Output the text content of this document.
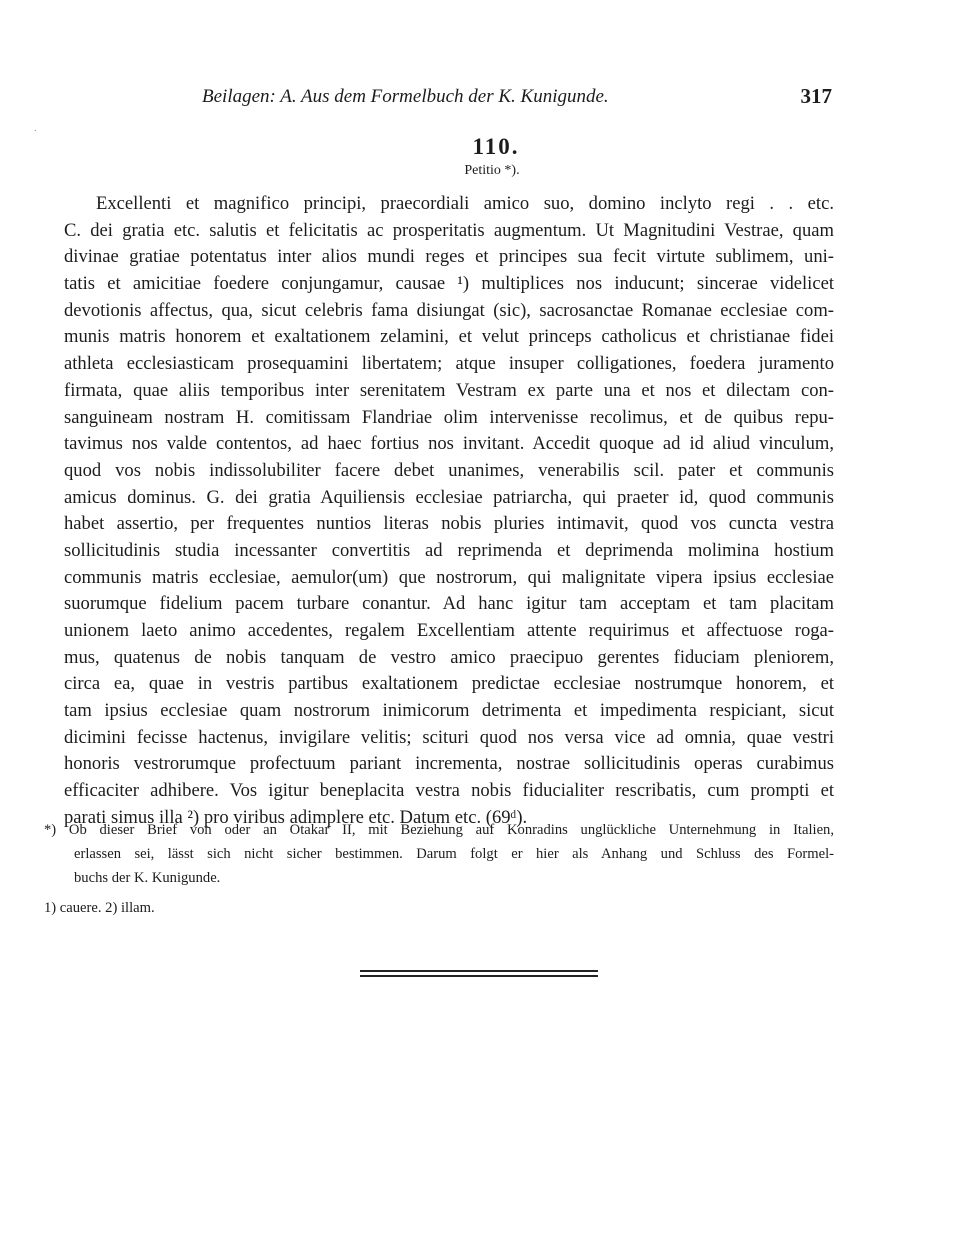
Beilagen: A. Aus dem Formelbuch der K. Kunigunde.	317
.
110.
Petitio *).
Excellenti et magnifico principi, praecordiali amico suo, domino inclyto regi . . etc.
C. dei gratia etc. salutis et felicitatis ac prosperitatis augmentum. Ut Magnitudini Vestrae, quam
divinae gratiae potentatus inter alios mundi reges et principes sua fecit virtute sublimem, uni-
tatis et amicitiae foedere conjungamur, causae ¹) multiplices nos inducunt; sincerae videlicet
devotionis affectus, qua, sicut celebris fama disiungat (sic), sacrosanctae Romanae ecclesiae com-
munis matris honorem et exaltationem zelamini, et velut princeps catholicus et christianae fidei
athleta ecclesiasticam prosequamini libertatem; atque insuper colligationes, foedera juramento
firmata, quae aliis temporibus inter serenitatem Vestram ex parte una et nos et dilectam con-
sanguineam nostram H. comitissam Flandriae olim intervenisse recolimus, et de quibus repu-
tavimus nos valde contentos, ad haec fortius nos invitant. Accedit quoque ad id aliud vinculum,
quod vos nobis indissolubiliter facere debet unanimes, venerabilis scil. pater et communis
amicus dominus. G. dei gratia Aquiliensis ecclesiae patriarcha, qui praeter id, quod communis
habet assertio, per frequentes nuntios literas nobis pluries intimavit, quod vos cuncta vestra
sollicitudinis studia incessanter convertitis ad reprimenda et deprimenda molimina hostium
communis matris ecclesiae, aemulor(um) que nostrorum, qui malignitate vipera ipsius ecclesiae
suorumque fidelium pacem turbare conantur. Ad hanc igitur tam acceptam et tam placitam
unionem laeto animo accedentes, regalem Excellentiam attente requirimus et affectuose roga-
mus, quatenus de nobis tanquam de vestro amico praecipuo gerentes fiduciam pleniorem,
circa ea, quae in vestris partibus exaltationem predictae ecclesiae nostrumque honorem, et
tam ipsius ecclesiae quam nostrorum inimicorum detrimenta et impedimenta respiciant, sicut
dicimini fecisse hactenus, invigilare velitis; scituri quod nos versa vice ad omnia, quae vestri
honoris vestrorumque profectuum pariant incrementa, nostrae sollicitudinis operas curabimus
efficaciter adhibere. Vos igitur beneplacita vestra nobis fiducialiter rescribatis, cum prompti et
parati simus illa ²) pro viribus adimplere etc. Datum etc. (69ᵈ).
*) Ob dieser Brief von oder an Otakar II, mit Beziehung auf Konradins unglückliche Unternehmung in Italien,
erlassen sei, lässt sich nicht sicher bestimmen. Darum folgt er hier als Anhang und Schluss des Formel-
buchs der K. Kunigunde.
1) cauere. 2) illam.
